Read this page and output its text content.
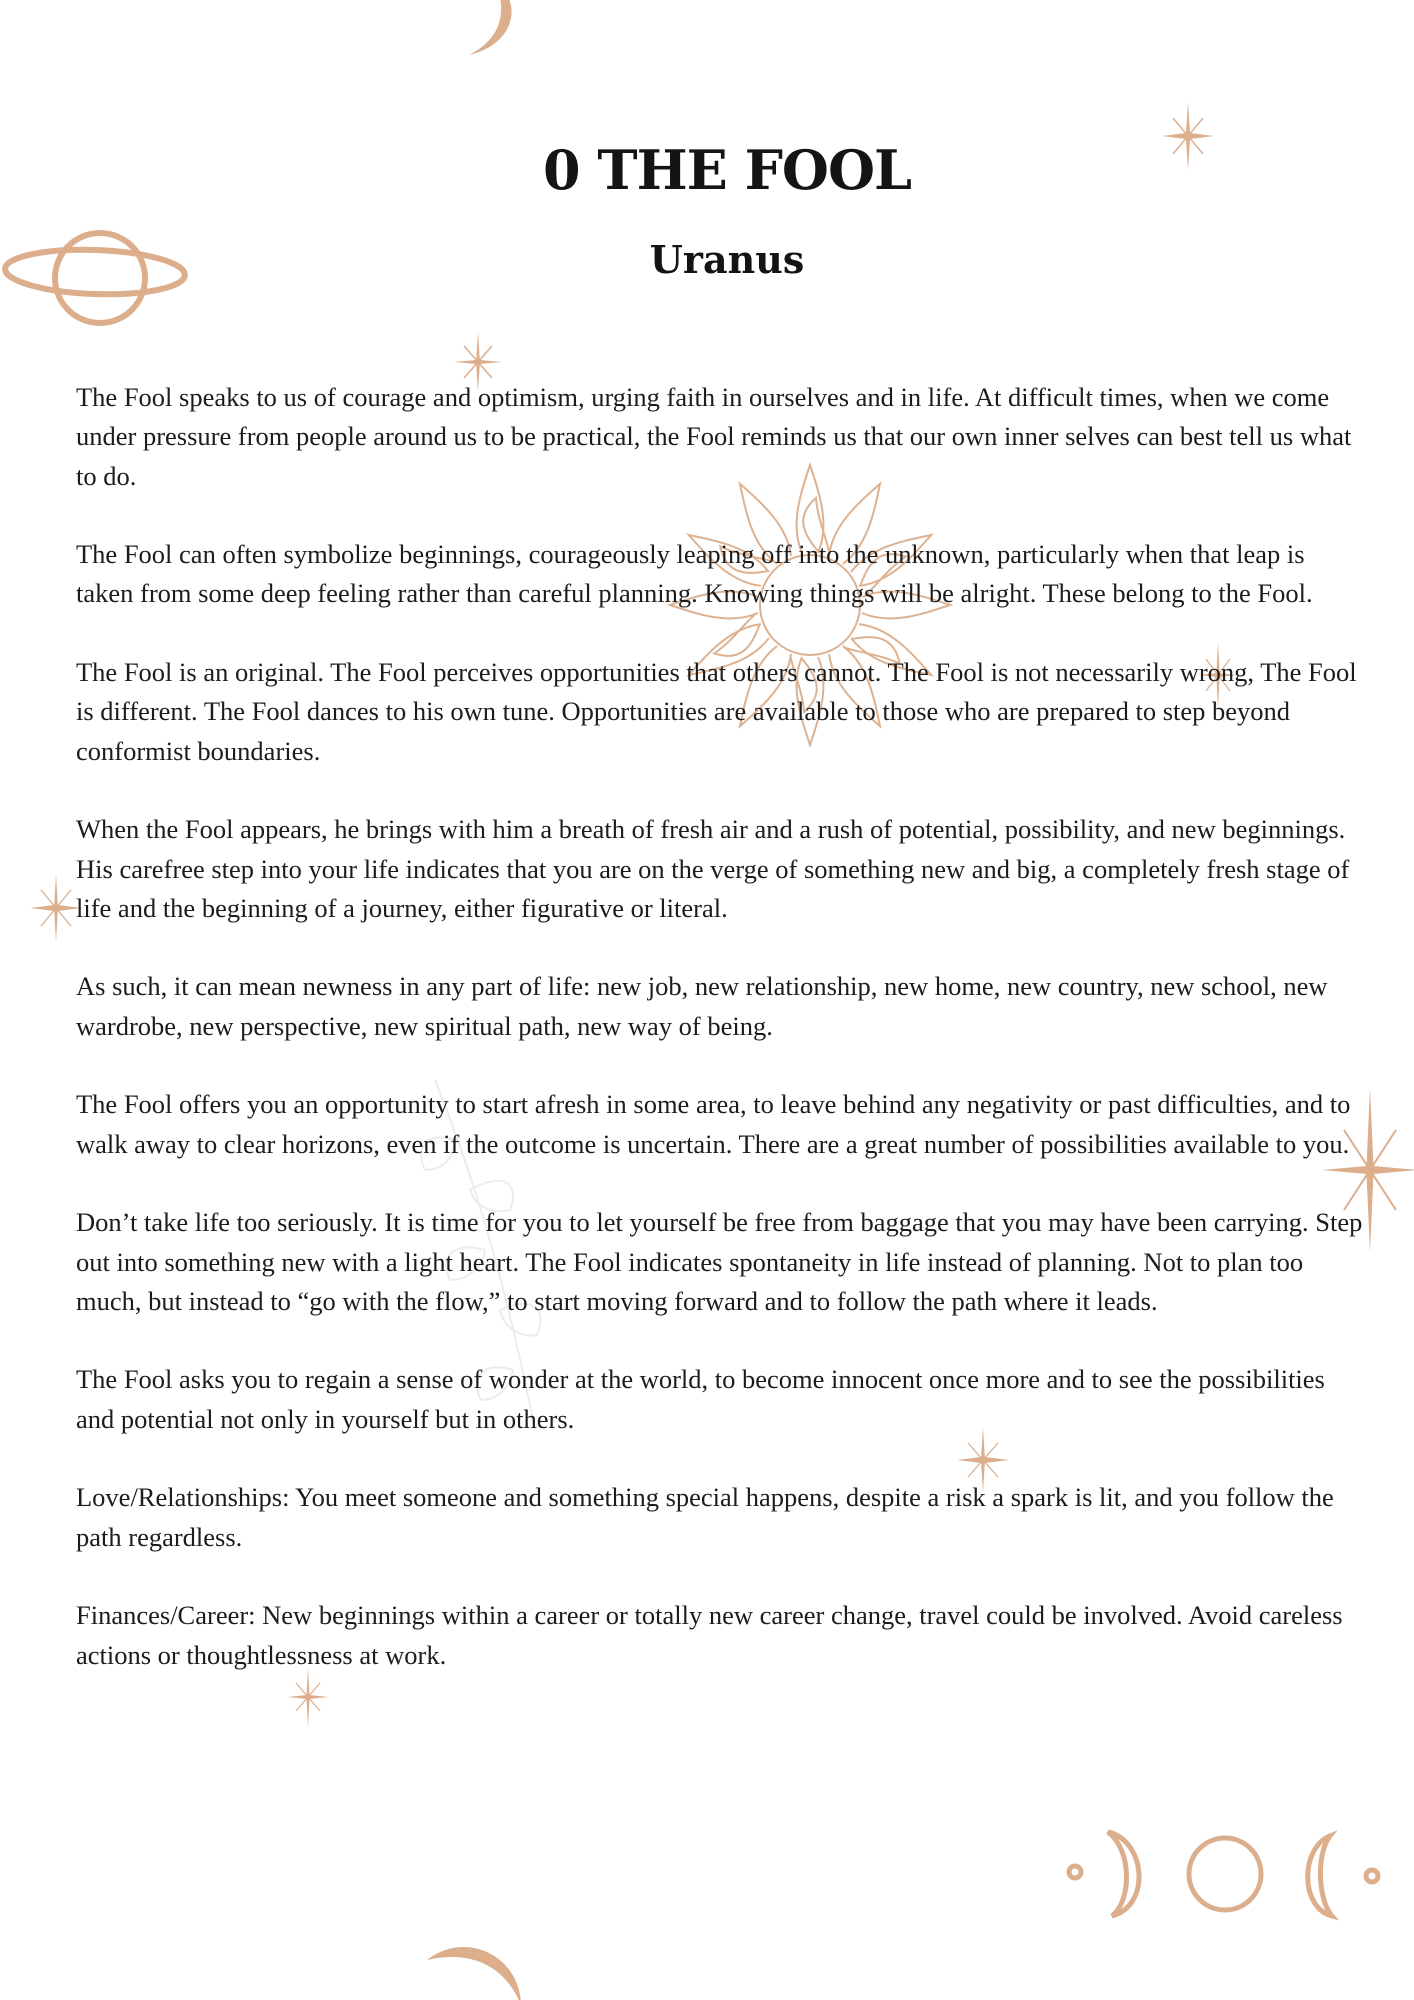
0 THE FOOL
Uranus

The Fool speaks to us of courage and optimism, urging faith in ourselves and in life. At difficult times, when we come under pressure from people around us to be practical, the Fool reminds us that our own inner selves can best tell us what to do.

The Fool can often symbolize beginnings, courageously leaping off into the unknown, particularly when that leap is taken from some deep feeling rather than careful planning. Knowing things will be alright. These belong to the Fool.

The Fool is an original. The Fool perceives opportunities that others cannot. The Fool is not necessarily wrong, The Fool is different. The Fool dances to his own tune. Opportunities are available to those who are prepared to step beyond conformist boundaries.

When the Fool appears, he brings with him a breath of fresh air and a rush of potential, possibility, and new beginnings. His carefree step into your life indicates that you are on the verge of something new and big, a completely fresh stage of life and the beginning of a journey, either figurative or literal.

As such, it can mean newness in any part of life: new job, new relationship, new home, new country, new school, new wardrobe, new perspective, new spiritual path, new way of being.

The Fool offers you an opportunity to start afresh in some area, to leave behind any negativity or past difficulties, and to walk away to clear horizons, even if the outcome is uncertain. There are a great number of possibilities available to you.

Don’t take life too seriously. It is time for you to let yourself be free from baggage that you may have been carrying. Step out into something new with a light heart. The Fool indicates spontaneity in life instead of planning. Not to plan too much, but instead to “go with the flow,” to start moving forward and to follow the path where it leads.

The Fool asks you to regain a sense of wonder at the world, to become innocent once more and to see the possibilities and potential not only in yourself but in others.

Love/Relationships: You meet someone and something special happens, despite a risk a spark is lit, and you follow the path regardless.

Finances/Career: New beginnings within a career or totally new career change, travel could be involved. Avoid careless actions or thoughtlessness at work.
